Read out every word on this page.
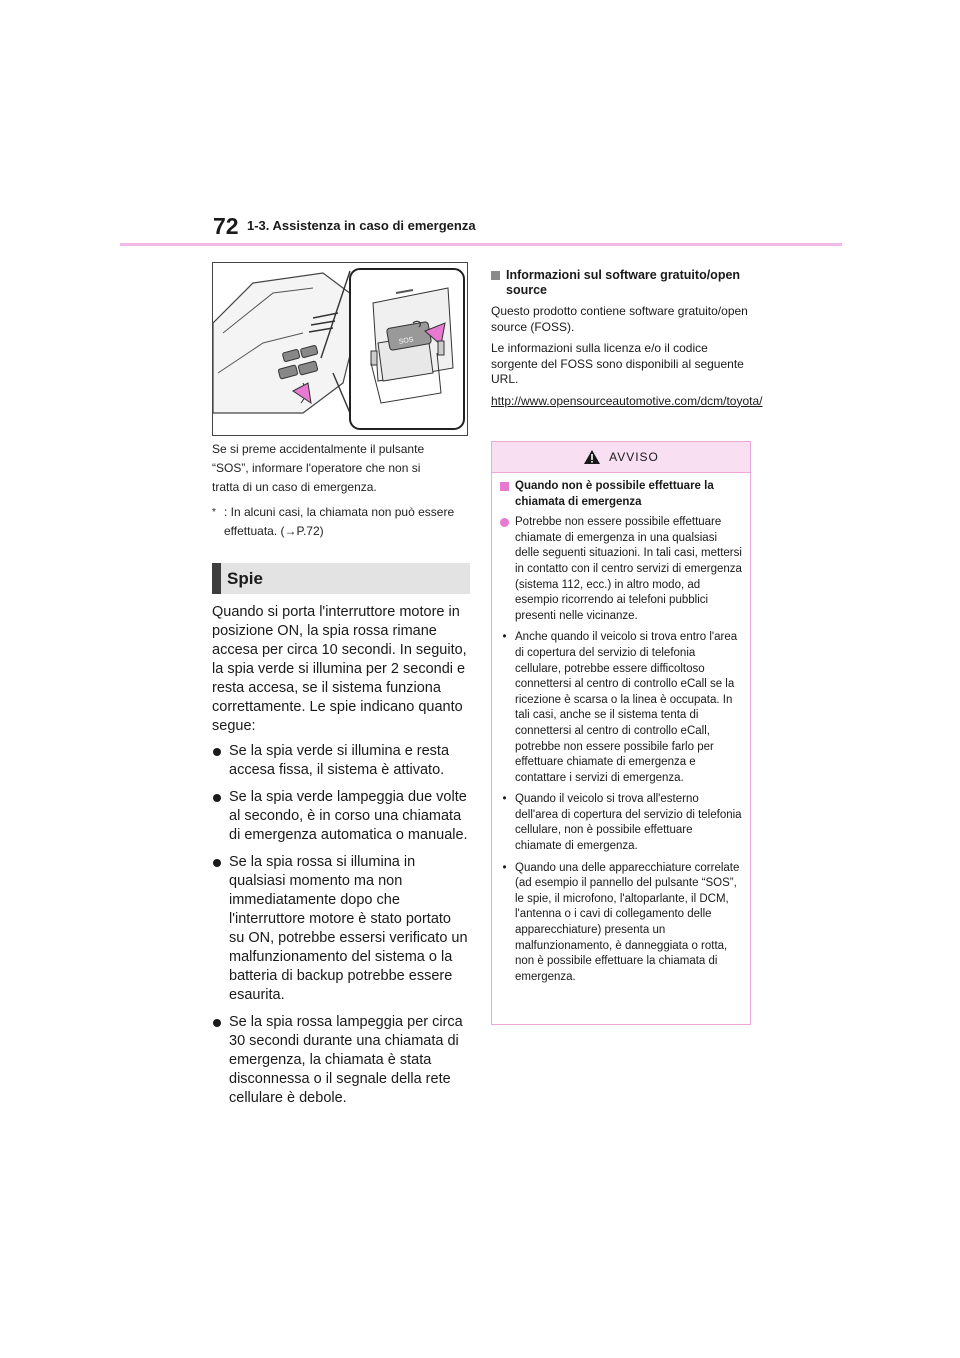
72 1-3. Assistenza in caso di emergenza
SOS

Se si preme accidentalmente il pulsante

“SOS”, informare l'operatore che non si

tratta di un caso di emergenza.

* : In alcuni casi, la chiamata non può essere
effettuata. (→P.72)
Spie

Quando si porta l'interruttore motore in posizione ON, la spia rossa rimane accesa per circa 10 secondi. In seguito, la spia verde si illumina per 2 secondi e resta accesa, se il sistema funziona correttamente. Le spie indicano quanto segue:

Se la spia verde si illumina e resta accesa fissa, il sistema è attivato.
Se la spia verde lampeggia due volte al secondo, è in corso una chiamata di emergenza automatica o manuale.
Se la spia rossa si illumina in qualsiasi momento ma non immediatamente dopo che l'interruttore motore è stato portato su ON, potrebbe essersi verificato un malfunzionamento del sistema o la batteria di backup potrebbe essere esaurita.
Se la spia rossa lampeggia per circa 30 secondi durante una chiamata di emergenza, la chiamata è stata disconnessa o il segnale della rete cellulare è debole.
Informazioni sul software gratuito/open source

Questo prodotto contiene software gratuito/open source (FOSS).

Le informazioni sulla licenza e/o il codice sorgente del FOSS sono disponibili al seguente URL.

http://www.opensourceautomotive.com/dcm/toyota/

AVVISO
Quando non è possibile effettuare la chiamata di emergenza
Potrebbe non essere possibile effettuare chiamate di emergenza in una qualsiasi delle seguenti situazioni. In tali casi, mettersi in contatto con il centro servizi di emergenza (sistema 112, ecc.) in altro modo, ad esempio ricorrendo ai telefoni pubblici presenti nelle vicinanze.
•
Anche quando il veicolo si trova entro l'area di copertura del servizio di telefonia cellulare, potrebbe essere difficoltoso connettersi al centro di controllo eCall se la ricezione è scarsa o la linea è occupata. In tali casi, anche se il sistema tenta di connettersi al centro di controllo eCall, potrebbe non essere possibile farlo per effettuare chiamate di emergenza e contattare i servizi di emergenza.
•
Quando il veicolo si trova all'esterno dell'area di copertura del servizio di telefonia cellulare, non è possibile effettuare chiamate di emergenza.
•
Quando una delle apparecchiature correlate (ad esempio il pannello del pulsante “SOS”, le spie, il microfono, l'altoparlante, il DCM, l'antenna o i cavi di collegamento delle apparecchiature) presenta un malfunzionamento, è danneggiata o rotta, non è possibile effettuare la chiamata di emergenza.
